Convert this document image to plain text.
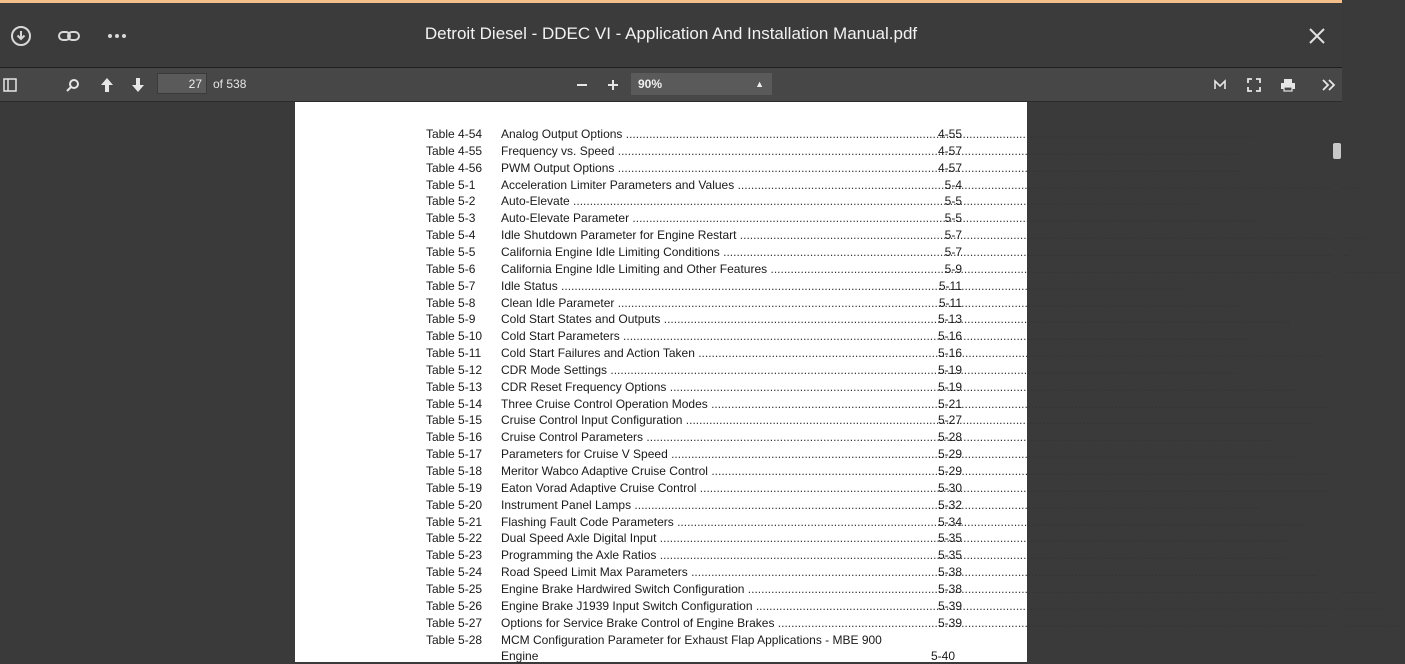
Detroit Diesel - DDEC VI - Application And Installation Manual.pdf
27
of 538	90%	▲

Table 4-54	Analog Output Options .....	4-55
Table 4-55	Frequency vs. Speed .....	4-57
Table 4-56	PWM Output Options .....	4-57
Table 5-1	Acceleration Limiter Parameters and Values .....	5-4
Table 5-2	Auto-Elevate .....	5-5
Table 5-3	Auto-Elevate Parameter .....	5-5
Table 5-4	Idle Shutdown Parameter for Engine Restart .....	5-7
Table 5-5	California Engine Idle Limiting Conditions .....	5-7
Table 5-6	California Engine Idle Limiting and Other Features .....	5-9
Table 5-7	Idle Status .....	5-11
Table 5-8	Clean Idle Parameter .....	5-11
Table 5-9	Cold Start States and Outputs .....	5-13
Table 5-10	Cold Start Parameters .....	5-16
Table 5-11	Cold Start Failures and Action Taken .....	5-16
Table 5-12	CDR Mode Settings .....	5-19
Table 5-13	CDR Reset Frequency Options .....	5-19
Table 5-14	Three Cruise Control Operation Modes .....	5-21
Table 5-15	Cruise Control Input Configuration .....	5-27
Table 5-16	Cruise Control Parameters .....	5-28
Table 5-17	Parameters for Cruise V Speed .....	5-29
Table 5-18	Meritor Wabco Adaptive Cruise Control .....	5-29
Table 5-19	Eaton Vorad Adaptive Cruise Control .....	5-30
Table 5-20	Instrument Panel Lamps .....	5-32
Table 5-21	Flashing Fault Code Parameters .....	5-34
Table 5-22	Dual Speed Axle Digital Input .....	5-35
Table 5-23	Programming the Axle Ratios .....	5-35
Table 5-24	Road Speed Limit Max Parameters .....	5-38
Table 5-25	Engine Brake Hardwired Switch Configuration .....	5-38
Table 5-26	Engine Brake J1939 Input Switch Configuration .....	5-39
Table 5-27	Options for Service Brake Control of Engine Brakes .....	5-39
Table 5-28	MCM Configuration Parameter for Exhaust Flap Applications - MBE 900
Engine	5-40
